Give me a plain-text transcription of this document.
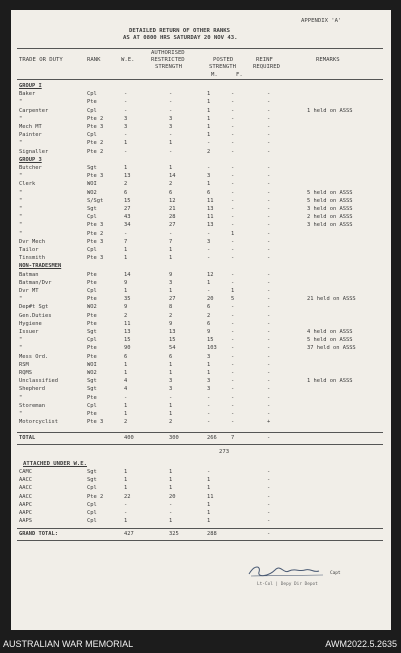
APPENDIX 'A'
DETAILED RETURN OF OTHER RANKS
AS AT 0800 HRS SATURDAY 20 NOV 43.
TRADE OR DUTY	RANK	W.E.
AUTHORISED
RESTRICTED
STRENGTH
POSTED
STRENGTH
REINF
REQUIRED
REMARKS
M.	F.
GROUP I
Baker	Cpl	-	-	1	-	-
"	Pte	-	-	1	-	-
Carpenter	Cpl	-	-	1	-	-	1 held on ASSS
"	Pte 2	3	3	1	-	-
Mech MT	Pte 3	3	3	1	-	-
Painter	Cpl	-	-	1	-	-
"	Pte 2	1	1	-	-	-
Signaller	Pte 2	-	-	2	-	-
GROUP 3
Butcher	Sgt	1	1	-	-	-
"	Pte 3	13	14	3	-	-
Clerk	WOI	2	2	1	-	-
"	WO2	6	6	6	-	-	5 held on ASSS
"	S/Sgt	15	12	11	-	-	5 held on ASSS
"	Sgt	27	21	13	-	-	3 held on ASSS
"	Cpl	43	28	11	-	-	2 held on ASSS
"	Pte 3	34	27	13	-	-	3 held on ASSS
"	Pte 2	-	-	-	1	-
Dvr Mech	Pte 3	7	7	3	-	-
Tailor	Cpl	1	1	-	-	-
Tinsmith	Pte 3	1	1	-	-	-
NON-TRADESMEN
Batman	Pte	14	9	12	-	-
Batman/Dvr	Pte	9	3	1	-	-
Dvr MT	Cpl	1	1	-	1	-
"	Pte	35	27	20	5	-	21 held on ASSS
Dep#t Sgt	WO2	9	8	6	-	-
Gen.Duties	Pte	2	2	2	-	-
Hygiene	Pte	11	9	6	-	-
Issuer	Sgt	13	13	9	-	-	4 held on ASSS
"	Cpl	15	15	15	-	-	5 held on ASSS
"	Pte	90	54	103	-	-	37 held on ASSS
Mess Ord.	Pte	6	6	3	-	-
RSM	WOI	1	1	1	-	-
RQMS	WO2	1	1	1	-	-
Unclassified	Sgt	4	3	3	-	-	1 held on ASSS
Shepherd	Sgt	4	3	3	-	-
"	Pte	-	-	-	-	-
Storeman	Cpl	1	1	-	-	-
"	Pte	1	1	-	-	-
Motorcyclist	Pte 3	2	2	-	-	+
TOTAL	400	300	266	7	-
273
ATTACHED UNDER W.E.
CAMC	Sgt	1	1	-	-
AACC	Sgt	1	1	1	-
AACC	Cpl	1	1	1	-
AACC	Pte 2	22	20	11	-
AAPC	Cpl	-	-	1	-
AAPC	Cpl	-	-	1	-
AAPS	Cpl	1	1	1	-
GRAND TOTAL:	427	325	288	-
Capt
Lt-Col | Depy Dir Depot
AUSTRALIAN WAR MEMORIAL	AWM2022.5.2635
